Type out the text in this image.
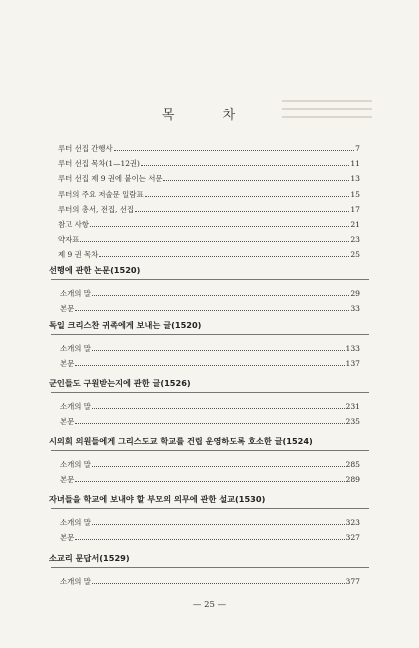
목 차
루터 선집 간행사	7
루터 선집 목차(1—12권)	11
루터 선집 제 9 권에 붙이는 서문	13
루터의 주요 저술문 일람표	15
루터의 총서, 전집, 선집	17
참고 사항	21
약자표	23
제 9 권 목차	25
선행에 관한 논문(1520)
소개의 말	29
본문	33
독일 크리스찬 귀족에게 보내는 글(1520)
소개의 말	133
본문	137
군인들도 구원받는지에 관한 글(1526)
소개의 말	231
본문	235
시의회 의원들에게 그리스도교 학교를 건립 운영하도록 호소한 글(1524)
소개의 말	285
본문	289
자녀들을 학교에 보내야 할 부모의 의무에 관한 설교(1530)
소개의 말	323
본문	327
소교리 문답서(1529)
소개의 말	377
— 25 —
